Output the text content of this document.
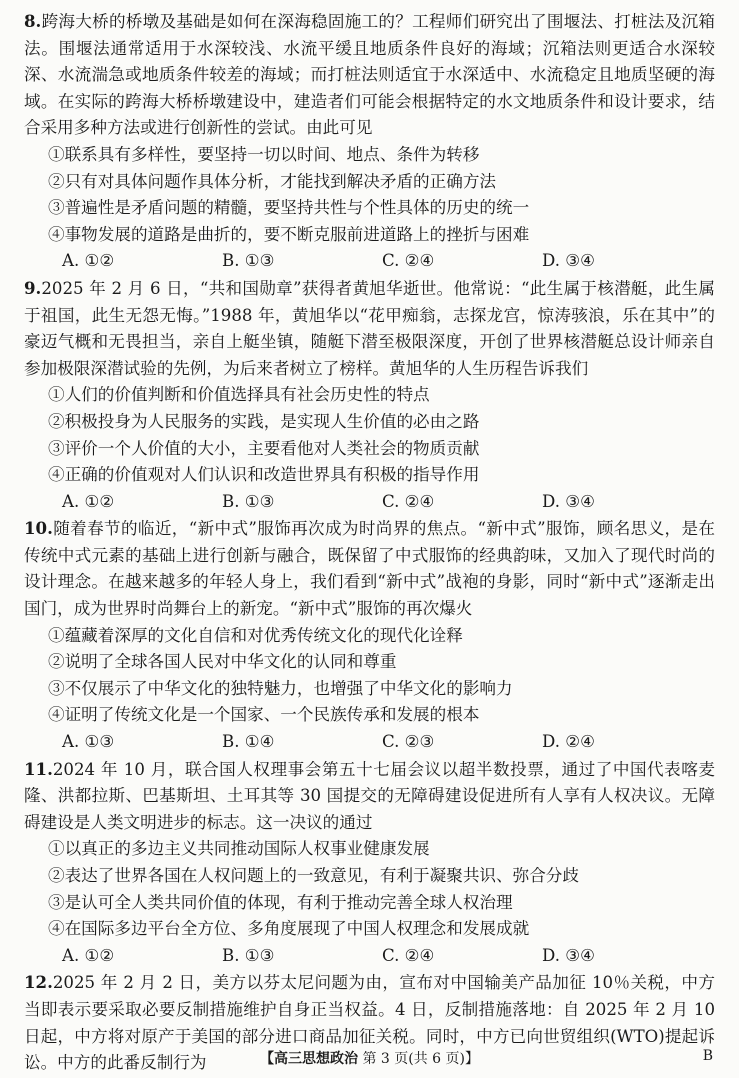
8.跨海大桥的桥墩及基础是如何在深海稳固施工的？工程师们研究出了围堰法、打桩法及沉箱法。围堰法通常适用于水深较浅、水流平缓且地质条件良好的海域；沉箱法则更适合水深较深、水流湍急或地质条件较差的海域；而打桩法则适宜于水深适中、水流稳定且地质坚硬的海域。在实际的跨海大桥桥墩建设中，建造者们可能会根据特定的水文地质条件和设计要求，结合采用多种方法或进行创新性的尝试。由此可见

①联系具有多样性，要坚持一切以时间、地点、条件为转移

②只有对具体问题作具体分析，才能找到解决矛盾的正确方法

③普遍性是矛盾问题的精髓，要坚持共性与个性具体的历史的统一

④事物发展的道路是曲折的，要不断克服前进道路上的挫折与困难

A. ①②	B. ①③	C. ②④	D. ③④

9.2025 年 2 月 6 日，“共和国勋章”获得者黄旭华逝世。他常说：“此生属于核潜艇，此生属于祖国，此生无怨无悔。”1988 年，黄旭华以“花甲痴翁，志探龙宫，惊涛骇浪，乐在其中”的豪迈气概和无畏担当，亲自上艇坐镇，随艇下潜至极限深度，开创了世界核潜艇总设计师亲自参加极限深潜试验的先例，为后来者树立了榜样。黄旭华的人生历程告诉我们

①人们的价值判断和价值选择具有社会历史性的特点

②积极投身为人民服务的实践，是实现人生价值的必由之路

③评价一个人价值的大小，主要看他对人类社会的物质贡献

④正确的价值观对人们认识和改造世界具有积极的指导作用

A. ①②	B. ①③	C. ②④	D. ③④

10.随着春节的临近，“新中式”服饰再次成为时尚界的焦点。“新中式”服饰，顾名思义，是在传统中式元素的基础上进行创新与融合，既保留了中式服饰的经典韵味，又加入了现代时尚的设计理念。在越来越多的年轻人身上，我们看到“新中式”战袍的身影，同时“新中式”逐渐走出国门，成为世界时尚舞台上的新宠。“新中式”服饰的再次爆火

①蕴藏着深厚的文化自信和对优秀传统文化的现代化诠释

②说明了全球各国人民对中华文化的认同和尊重

③不仅展示了中华文化的独特魅力，也增强了中华文化的影响力

④证明了传统文化是一个国家、一个民族传承和发展的根本

A. ①③	B. ①④	C. ②③	D. ②④

11.2024 年 10 月，联合国人权理事会第五十七届会议以超半数投票，通过了中国代表喀麦隆、洪都拉斯、巴基斯坦、土耳其等 30 国提交的无障碍建设促进所有人享有人权决议。无障碍建设是人类文明进步的标志。这一决议的通过

①以真正的多边主义共同推动国际人权事业健康发展

②表达了世界各国在人权问题上的一致意见，有利于凝聚共识、弥合分歧

③是认可全人类共同价值的体现，有利于推动完善全球人权治理

④在国际多边平台全方位、多角度展现了中国人权理念和发展成就

A. ①②	B. ①③	C. ②④	D. ③④

12.2025 年 2 月 2 日，美方以芬太尼问题为由，宣布对中国输美产品加征 10％关税，中方当即表示要采取必要反制措施维护自身正当权益。4 日，反制措施落地：自 2025 年 2 月 10 日起，中方将对原产于美国的部分进口商品加征关税。同时，中方已向世贸组织(WTO)提起诉讼。中方的此番反制行为	【高三思想政治 第 3 页(共 6 页)】	B
